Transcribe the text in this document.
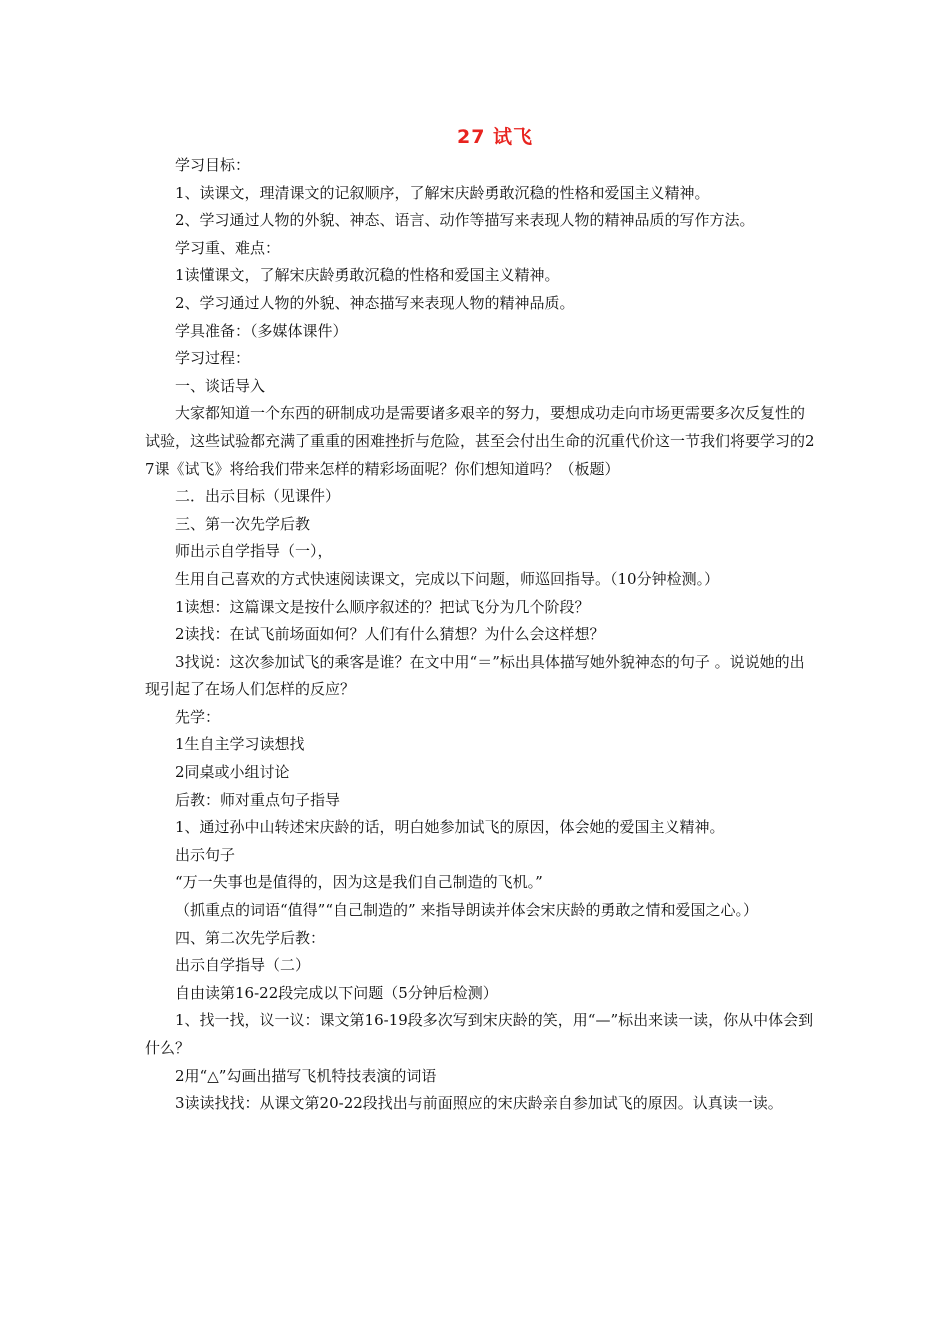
27 试飞

学习目标：

1、读课文，理清课文的记叙顺序，了解宋庆龄勇敢沉稳的性格和爱国主义精神。

2、学习通过人物的外貌、神态、语言、动作等描写来表现人物的精神品质的写作方法。

学习重、难点：

1读懂课文，了解宋庆龄勇敢沉稳的性格和爱国主义精神。

2、学习通过人物的外貌、神态描写来表现人物的精神品质。

学具准备：（多媒体课件）

学习过程：

一、谈话导入

大家都知道一个东西的研制成功是需要诸多艰辛的努力，要想成功走向市场更需要多次反复性的试验，这些试验都充满了重重的困难挫折与危险，甚至会付出生命的沉重代价这一节我们将要学习的27课《试飞》将给我们带来怎样的精彩场面呢？你们想知道吗？（板题）

二．出示目标（见课件）

三、第一次先学后教

师出示自学指导（一），

生用自己喜欢的方式快速阅读课文，完成以下问题，师巡回指导。（10分钟检测。）

1读想：这篇课文是按什么顺序叙述的？把试飞分为几个阶段？

2读找：在试飞前场面如何？人们有什么猜想？为什么会这样想？

3找说：这次参加试飞的乘客是谁？在文中用“＝”标出具体描写她外貌神态的句子 。说说她的出现引起了在场人们怎样的反应？

先学：

1生自主学习读想找

2同桌或小组讨论

后教：师对重点句子指导

1、通过孙中山转述宋庆龄的话，明白她参加试飞的原因，体会她的爱国主义精神。

出示句子

“万一失事也是值得的，因为这是我们自己制造的飞机。”

（抓重点的词语“值得”“自己制造的” 来指导朗读并体会宋庆龄的勇敢之情和爱国之心。）

四、第二次先学后教：

出示自学指导（二）

自由读第16-22段完成以下问题（5分钟后检测）

1、找一找，议一议：课文第16-19段多次写到宋庆龄的笑，用“—”标出来读一读，你从中体会到什么？

2用“△”勾画出描写飞机特技表演的词语

3读读找找：从课文第20-22段找出与前面照应的宋庆龄亲自参加试飞的原因。认真读一读。
